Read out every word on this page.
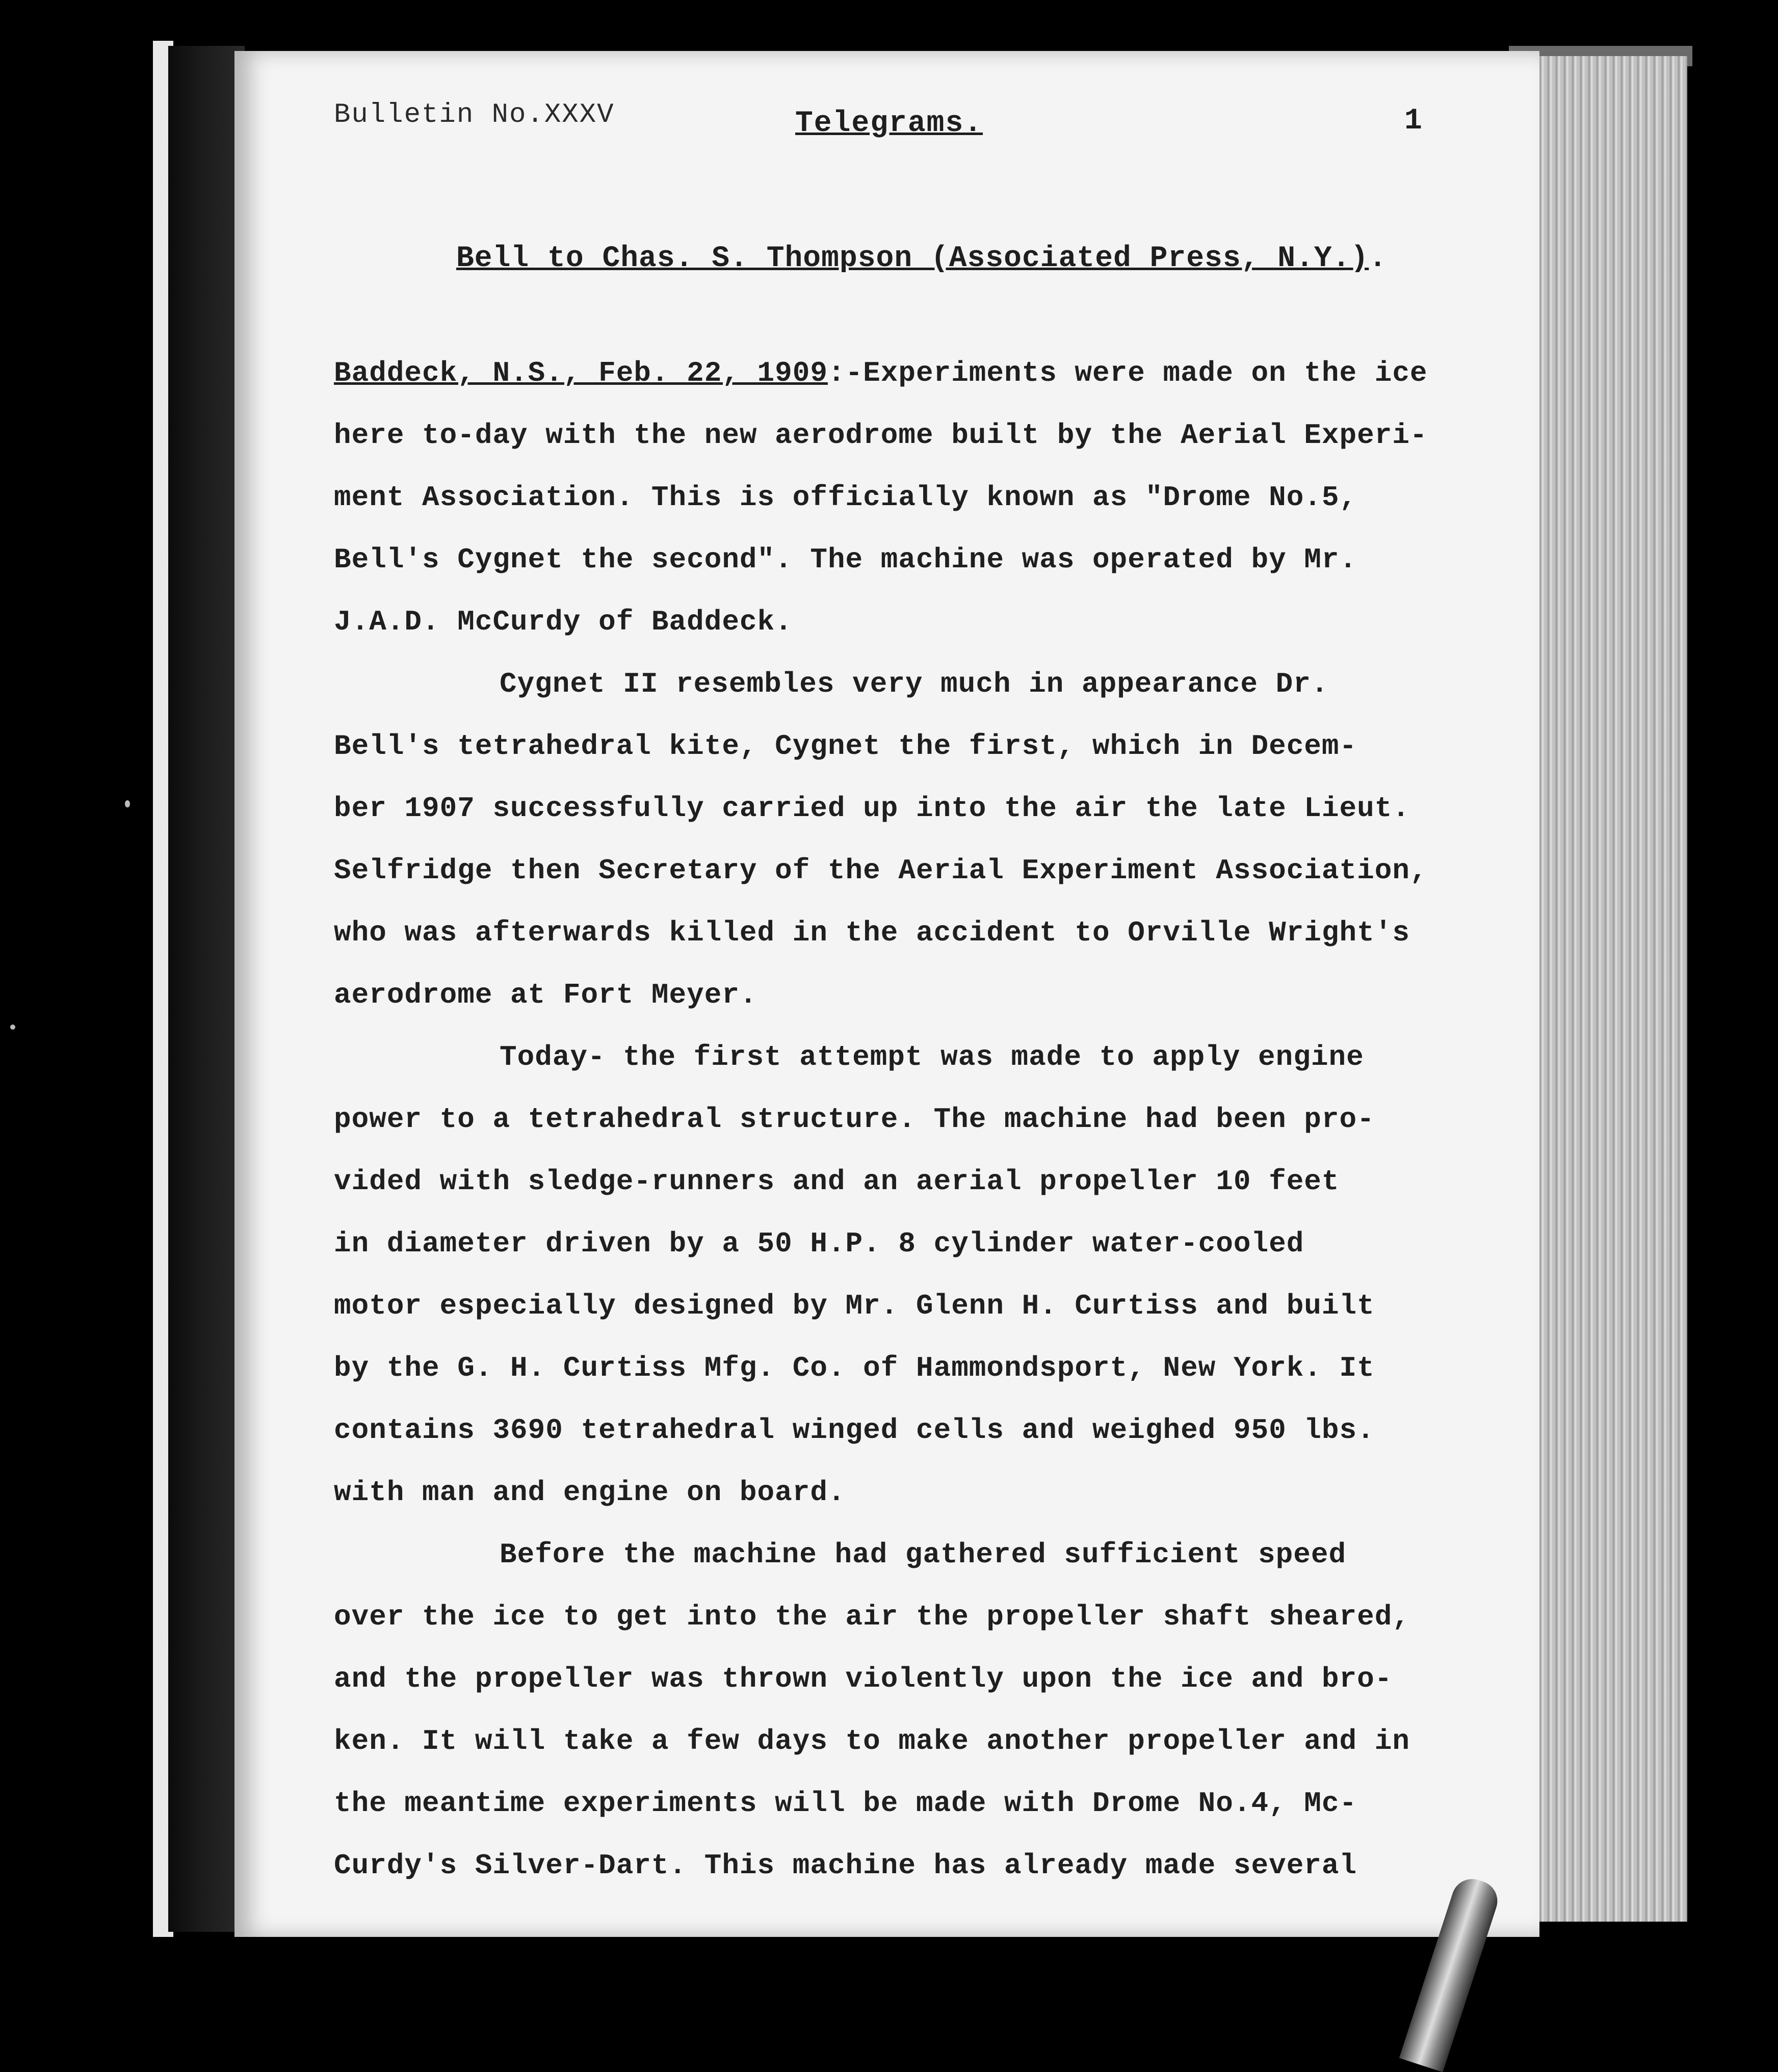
Bulletin No.XXXV	Telegrams.	1
Bell to Chas. S. Thompson (Associated Press, N.Y.).
Baddeck, N.S., Feb. 22, 1909:-Experiments were made on the ice
here to-day with the new aerodrome built by the Aerial Experi-
ment Association. This is officially known as "Drome No.5,
Bell's Cygnet the second". The machine was operated by Mr.
J.A.D. McCurdy of Baddeck.
Cygnet II resembles very much in appearance Dr.
Bell's tetrahedral kite, Cygnet the first, which in Decem-
ber 1907 successfully carried up into the air the late Lieut.
Selfridge then Secretary of the Aerial Experiment Association,
who was afterwards killed in the accident to Orville Wright's
aerodrome at Fort Meyer.
Today- the first attempt was made to apply engine
power to a tetrahedral structure. The machine had been pro-
vided with sledge-runners and an aerial propeller 10 feet
in diameter driven by a 50 H.P. 8 cylinder water-cooled
motor especially designed by Mr. Glenn H. Curtiss and built
by the G. H. Curtiss Mfg. Co. of Hammondsport, New York. It
contains 3690 tetrahedral winged cells and weighed 950 lbs.
with man and engine on board.
Before the machine had gathered sufficient speed
over the ice to get into the air the propeller shaft sheared,
and the propeller was thrown violently upon the ice and bro-
ken. It will take a few days to make another propeller and in
the meantime experiments will be made with Drome No.4, Mc-
Curdy's Silver-Dart. This machine has already made several
